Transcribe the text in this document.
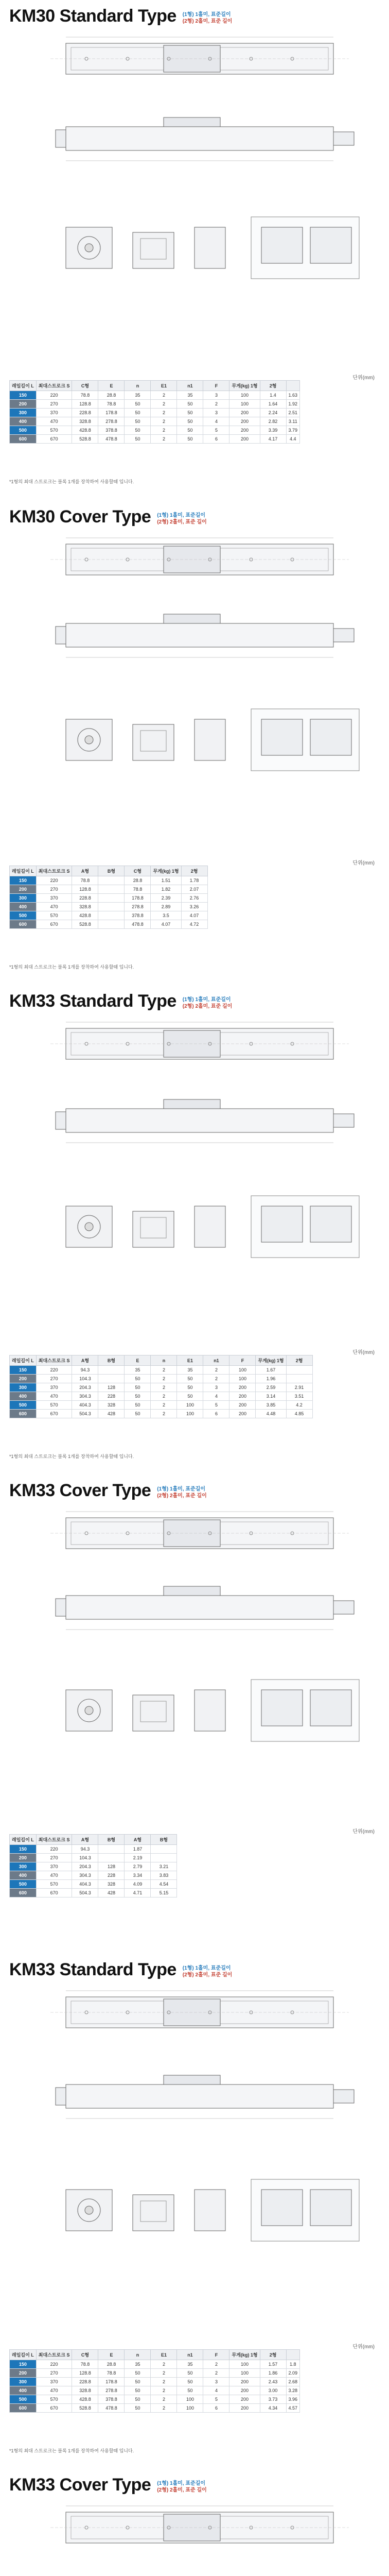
KM30 Standard Type (1형) 1홀미, 표준길이
(2형) 2홀미, 표준 길이
단위(mm)
레일길이 L	최대스트로크 S	C형	E	n	E1	n1	F	무게(kg) 1형	2형	
150	220	78.8	28.8	35	2	35	3	100	1.4	1.63
200	270	128.8	78.8	50	2	50	2	100	1.64	1.92
300	370	228.8	178.8	50	2	50	3	200	2.24	2.51
400	470	328.8	278.8	50	2	50	4	200	2.82	3.11
500	570	428.8	378.8	50	2	50	5	200	3.39	3.79
600	670	528.8	478.8	50	2	50	6	200	4.17	4.4
*1형의 최대 스트로크는 블록 1개를 장착하여 사용할때 입니다.
KM30 Cover Type (1형) 1홀미, 표준길이
(2형) 2홀미, 표준 길이
단위(mm)
레일길이 L	최대스트로크 S	A형	B형	C형	무게(kg) 1형	2형
150	220	78.8		28.8	1.51	1.78
200	270	128.8		78.8	1.82	2.07
300	370	228.8		178.8	2.39	2.76
400	470	328.8		278.8	2.89	3.26
500	570	428.8		378.8	3.5	4.07
600	670	528.8		478.8	4.07	4.72
*1형의 최대 스트로크는 블록 1개를 장착하여 사용할때 입니다.
KM33 Standard Type (1형) 1홀미, 표준길이
(2형) 2홀미, 표준 길이
단위(mm)
레일길이 L	최대스트로크 S	A형	B형	E	n	E1	n1	F	무게(kg) 1형	2형
150	220	94.3		35	2	35	2	100	1.67	
200	270	104.3		50	2	50	2	100	1.96	
300	370	204.3	128	50	2	50	3	200	2.59	2.91
400	470	304.3	228	50	2	50	4	200	3.14	3.51
500	570	404.3	328	50	2	100	5	200	3.85	4.2
600	670	504.3	428	50	2	100	6	200	4.48	4.85
*1형의 최대 스트로크는 블록 1개를 장착하여 사용할때 입니다.
KM33 Cover Type (1형) 1홀미, 표준길이
(2형) 2홀미, 표준 길이
단위(mm)
레일길이 L	최대스트로크 S	A형	B형	A형	B형
150	220	94.3		1.87	
200	270	104.3		2.19	
300	370	204.3	128	2.79	3.21
400	470	304.3	228	3.34	3.83
500	570	404.3	328	4.09	4.54
600	670	504.3	428	4.71	5.15
KM33 Standard Type (1형) 1홀미, 표준길이
(2형) 2홀미, 표준 길이
단위(mm)
레일길이 L	최대스트로크 S	C형	E	n	E1	n1	F	무게(kg) 1형	2형	
150	220	78.8	28.8	35	2	35	2	100	1.57	1.8
200	270	128.8	78.8	50	2	50	2	100	1.86	2.09
300	370	228.8	178.8	50	2	50	3	200	2.43	2.68
400	470	328.8	278.8	50	2	50	4	200	3.00	3.28
500	570	428.8	378.8	50	2	100	5	200	3.73	3.96
600	670	528.8	478.8	50	2	100	6	200	4.34	4.57
*1형의 최대 스트로크는 블록 1개를 장착하여 사용할때 입니다.
KM33 Cover Type (1형) 1홀미, 표준길이
(2형) 2홀미, 표준 길이
